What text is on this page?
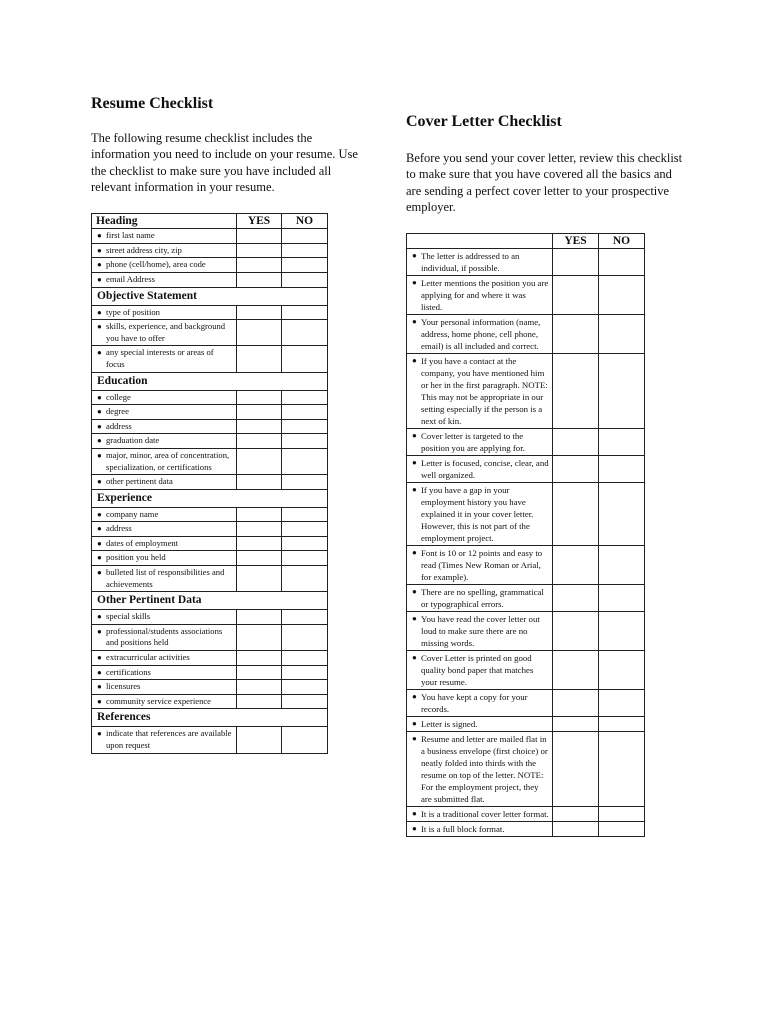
Resume Checklist

The following resume checklist includes the information you need to include on your resume. Use the checklist to make sure you have included all relevant information in your resume.

Heading	YES	NO

● first last name		

● street address city, zip		

● phone (cell/home), area code		

● email Address		
Objective Statement		

● type of position		

● skills, experience, and background you have to offer		

● any special interests or areas of focus		
Education		

● college		

● degree		

● address		

● graduation date		

● major, minor, area of concentration, specialization, or certifications		

● other pertinent data		
Experience		

● company name		

● address		

● dates of employment		

● position you held		

● bulleted list of responsibilities and achievements		
Other Pertinent Data		

● special skills		

● professional/students associations and positions held		

● extracurricular activities		

● certifications		

● licensures		

● community service experience		
References		

● indicate that references are available upon request		
Cover Letter Checklist

Before you send your cover letter, review this checklist to make sure that you have covered all the basics and are sending a perfect cover letter to your prospective employer.

	YES	NO

● The letter is addressed to an individual, if possible.		

● Letter mentions the position you are applying for and where it was listed.		

● Your personal information (name, address, home phone, cell phone, email) is all included and correct.		

● If you have a contact at the company, you have mentioned him or her in the first paragraph. NOTE: This may not be appropriate in our setting especially if the person is a next of kin.		

● Cover letter is targeted to the position you are applying for.		

● Letter is focused, concise, clear, and well organized.		

● If you have a gap in your employment history you have explained it in your cover letter. However, this is not part of the employment project.		

● Font is 10 or 12 points and easy to read (Times New Roman or Arial, for example).		

● There are no spelling, grammatical or typographical errors.		

● You have read the cover letter out loud to make sure there are no missing words.		

● Cover Letter is printed on good quality bond paper that matches your resume.		

● You have kept a copy for your records.		

● Letter is signed.		

● Resume and letter are mailed flat in a business envelope (first choice) or neatly folded into thirds with the resume on top of the letter. NOTE: For the employment project, they are submitted flat.		

● It is a traditional cover letter format.		

● It is a full block format.		
